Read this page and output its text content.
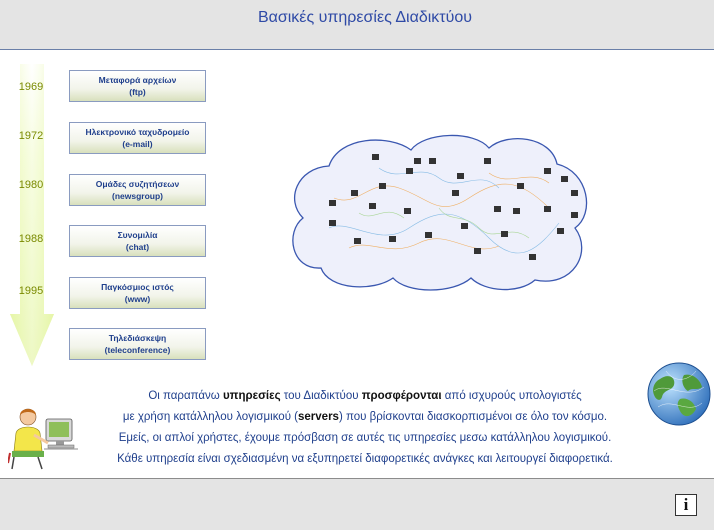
Βασικές υπηρεσίες Διαδικτύου
1969
1972
1980
1988
1995
Μεταφορά αρχείων
(ftp)
Ηλεκτρονικό ταχυδρομείο
(e-mail)
Ομάδες συζητήσεων
(newsgroup)
Συνομιλία
(chat)
Παγκόσμιος ιστός
(www)
Τηλεδιάσκεψη
(teleconference)
Οι παραπάνω υπηρεσίες του Διαδικτύου προσφέρονται από ισχυρούς υπολογιστές
με χρήση κατάλληλου λογισμικού (servers) που βρίσκονται διασκορπισμένοι σε όλο τον κόσμο.
Εμείς, οι απλοί χρήστες, έχουμε πρόσβαση σε αυτές τις υπηρεσίες μεσω κατάλληλου λογισμικού.
Κάθε υπηρεσία είναι σχεδιασμένη να εξυπηρετεί διαφορετικές ανάγκες και λειτουργεί διαφορετικά.
i
